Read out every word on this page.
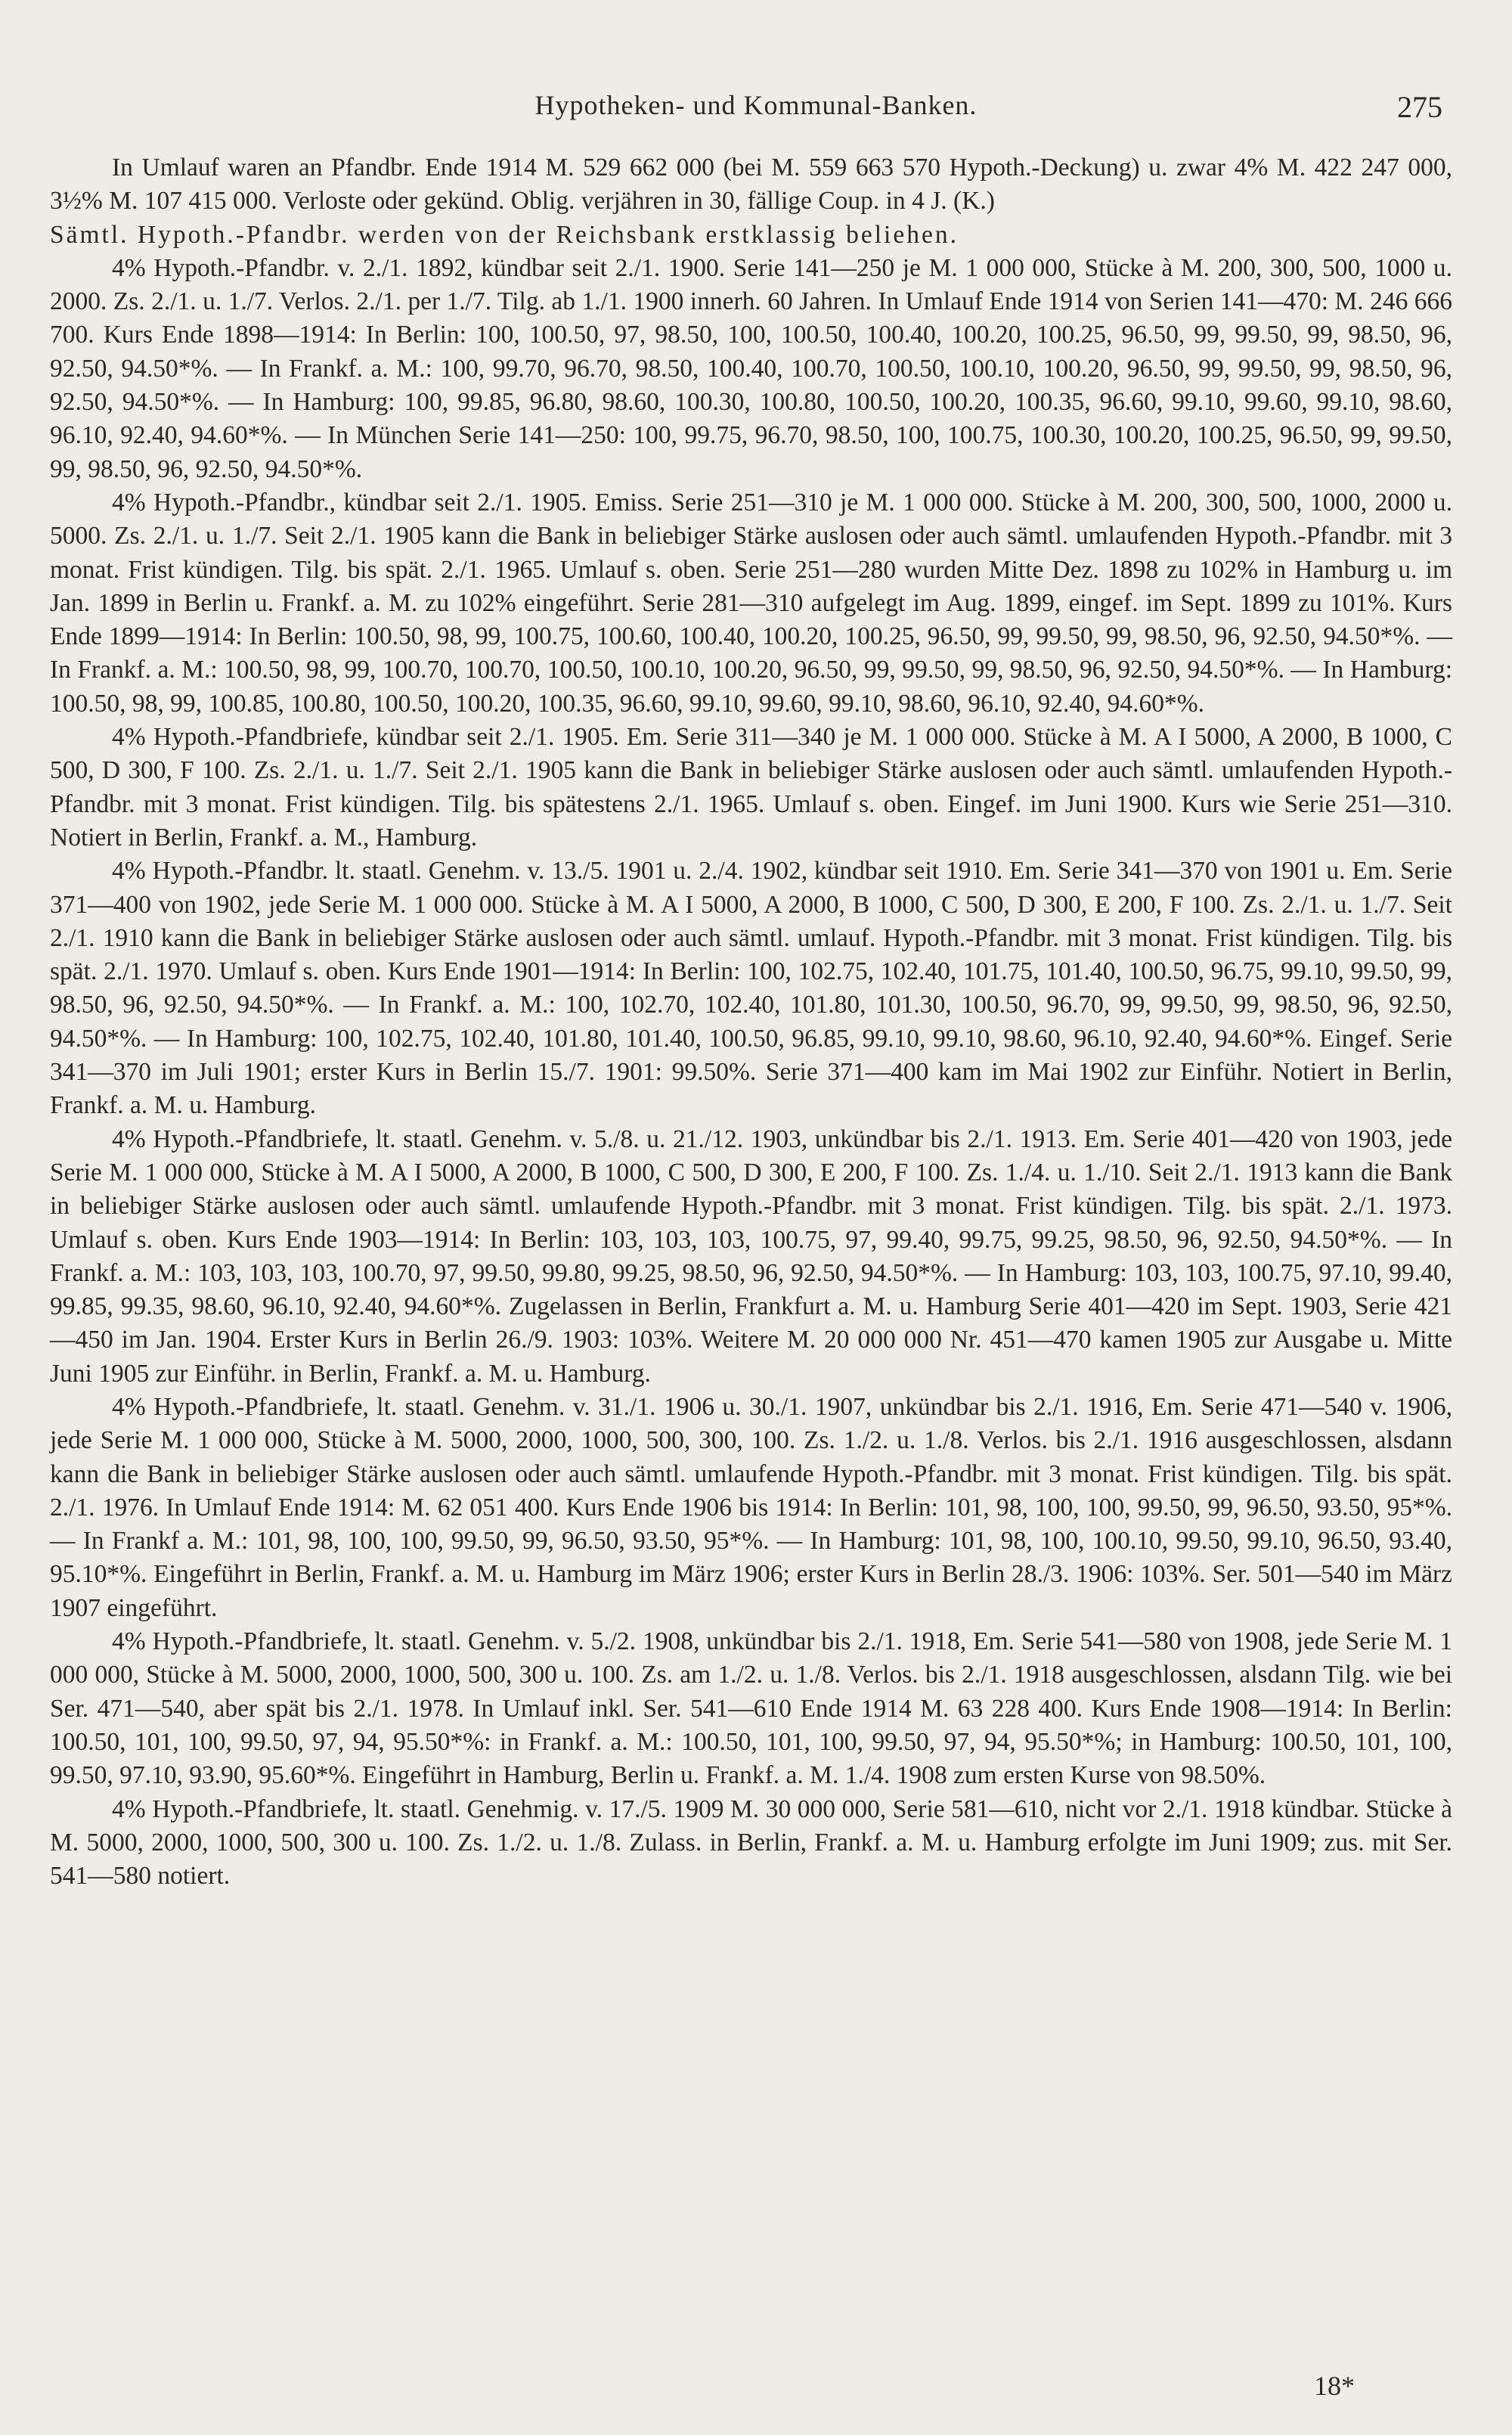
Hypotheken- und Kommunal-Banken.	275

In Umlauf waren an Pfandbr. Ende 1914 M. 529 662 000 (bei M. 559 663 570 Hypoth.-Deckung) u. zwar 4% M. 422 247 000, 3½% M. 107 415 000. Verloste oder gekünd. Oblig. verjähren in 30, fällige Coup. in 4 J. (K.)

Sämtl. Hypoth.-Pfandbr. werden von der Reichsbank erstklassig beliehen.

4% Hypoth.-Pfandbr. v. 2./1. 1892, kündbar seit 2./1. 1900. Serie 141—250 je M. 1 000 000, Stücke à M. 200, 300, 500, 1000 u. 2000. Zs. 2./1. u. 1./7. Verlos. 2./1. per 1./7. Tilg. ab 1./1. 1900 innerh. 60 Jahren. In Umlauf Ende 1914 von Serien 141—470: M. 246 666 700. Kurs Ende 1898—1914: In Berlin: 100, 100.50, 97, 98.50, 100, 100.50, 100.40, 100.20, 100.25, 96.50, 99, 99.50, 99, 98.50, 96, 92.50, 94.50*%. — In Frankf. a. M.: 100, 99.70, 96.70, 98.50, 100.40, 100.70, 100.50, 100.10, 100.20, 96.50, 99, 99.50, 99, 98.50, 96, 92.50, 94.50*%. — In Hamburg: 100, 99.85, 96.80, 98.60, 100.30, 100.80, 100.50, 100.20, 100.35, 96.60, 99.10, 99.60, 99.10, 98.60, 96.10, 92.40, 94.60*%. — In München Serie 141—250: 100, 99.75, 96.70, 98.50, 100, 100.75, 100.30, 100.20, 100.25, 96.50, 99, 99.50, 99, 98.50, 96, 92.50, 94.50*%.

4% Hypoth.-Pfandbr., kündbar seit 2./1. 1905. Emiss. Serie 251—310 je M. 1 000 000. Stücke à M. 200, 300, 500, 1000, 2000 u. 5000. Zs. 2./1. u. 1./7. Seit 2./1. 1905 kann die Bank in beliebiger Stärke auslosen oder auch sämtl. umlaufenden Hypoth.-Pfandbr. mit 3 monat. Frist kündigen. Tilg. bis spät. 2./1. 1965. Umlauf s. oben. Serie 251—280 wurden Mitte Dez. 1898 zu 102% in Hamburg u. im Jan. 1899 in Berlin u. Frankf. a. M. zu 102% eingeführt. Serie 281—310 aufgelegt im Aug. 1899, eingef. im Sept. 1899 zu 101%. Kurs Ende 1899—1914: In Berlin: 100.50, 98, 99, 100.75, 100.60, 100.40, 100.20, 100.25, 96.50, 99, 99.50, 99, 98.50, 96, 92.50, 94.50*%. — In Frankf. a. M.: 100.50, 98, 99, 100.70, 100.70, 100.50, 100.10, 100.20, 96.50, 99, 99.50, 99, 98.50, 96, 92.50, 94.50*%. — In Hamburg: 100.50, 98, 99, 100.85, 100.80, 100.50, 100.20, 100.35, 96.60, 99.10, 99.60, 99.10, 98.60, 96.10, 92.40, 94.60*%.

4% Hypoth.-Pfandbriefe, kündbar seit 2./1. 1905. Em. Serie 311—340 je M. 1 000 000. Stücke à M. A I 5000, A 2000, B 1000, C 500, D 300, F 100. Zs. 2./1. u. 1./7. Seit 2./1. 1905 kann die Bank in beliebiger Stärke auslosen oder auch sämtl. umlaufenden Hypoth.-Pfandbr. mit 3 monat. Frist kündigen. Tilg. bis spätestens 2./1. 1965. Umlauf s. oben. Eingef. im Juni 1900. Kurs wie Serie 251—310. Notiert in Berlin, Frankf. a. M., Hamburg.

4% Hypoth.-Pfandbr. lt. staatl. Genehm. v. 13./5. 1901 u. 2./4. 1902, kündbar seit 1910. Em. Serie 341—370 von 1901 u. Em. Serie 371—400 von 1902, jede Serie M. 1 000 000. Stücke à M. A I 5000, A 2000, B 1000, C 500, D 300, E 200, F 100. Zs. 2./1. u. 1./7. Seit 2./1. 1910 kann die Bank in beliebiger Stärke auslosen oder auch sämtl. umlauf. Hypoth.-Pfandbr. mit 3 monat. Frist kündigen. Tilg. bis spät. 2./1. 1970. Umlauf s. oben. Kurs Ende 1901—1914: In Berlin: 100, 102.75, 102.40, 101.75, 101.40, 100.50, 96.75, 99.10, 99.50, 99, 98.50, 96, 92.50, 94.50*%. — In Frankf. a. M.: 100, 102.70, 102.40, 101.80, 101.30, 100.50, 96.70, 99, 99.50, 99, 98.50, 96, 92.50, 94.50*%. — In Hamburg: 100, 102.75, 102.40, 101.80, 101.40, 100.50, 96.85, 99.10, 99.10, 98.60, 96.10, 92.40, 94.60*%. Eingef. Serie 341—370 im Juli 1901; erster Kurs in Berlin 15./7. 1901: 99.50%. Serie 371—400 kam im Mai 1902 zur Einführ. Notiert in Berlin, Frankf. a. M. u. Hamburg.

4% Hypoth.-Pfandbriefe, lt. staatl. Genehm. v. 5./8. u. 21./12. 1903, unkündbar bis 2./1. 1913. Em. Serie 401—420 von 1903, jede Serie M. 1 000 000, Stücke à M. A I 5000, A 2000, B 1000, C 500, D 300, E 200, F 100. Zs. 1./4. u. 1./10. Seit 2./1. 1913 kann die Bank in beliebiger Stärke auslosen oder auch sämtl. umlaufende Hypoth.-Pfandbr. mit 3 monat. Frist kündigen. Tilg. bis spät. 2./1. 1973. Umlauf s. oben. Kurs Ende 1903—1914: In Berlin: 103, 103, 103, 100.75, 97, 99.40, 99.75, 99.25, 98.50, 96, 92.50, 94.50*%. — In Frankf. a. M.: 103, 103, 103, 100.70, 97, 99.50, 99.80, 99.25, 98.50, 96, 92.50, 94.50*%. — In Hamburg: 103, 103, 100.75, 97.10, 99.40, 99.85, 99.35, 98.60, 96.10, 92.40, 94.60*%. Zugelassen in Berlin, Frankfurt a. M. u. Hamburg Serie 401—420 im Sept. 1903, Serie 421—450 im Jan. 1904. Erster Kurs in Berlin 26./9. 1903: 103%. Weitere M. 20 000 000 Nr. 451—470 kamen 1905 zur Ausgabe u. Mitte Juni 1905 zur Einführ. in Berlin, Frankf. a. M. u. Hamburg.

4% Hypoth.-Pfandbriefe, lt. staatl. Genehm. v. 31./1. 1906 u. 30./1. 1907, unkündbar bis 2./1. 1916, Em. Serie 471—540 v. 1906, jede Serie M. 1 000 000, Stücke à M. 5000, 2000, 1000, 500, 300, 100. Zs. 1./2. u. 1./8. Verlos. bis 2./1. 1916 ausgeschlossen, alsdann kann die Bank in beliebiger Stärke auslosen oder auch sämtl. umlaufende Hypoth.-Pfandbr. mit 3 monat. Frist kündigen. Tilg. bis spät. 2./1. 1976. In Umlauf Ende 1914: M. 62 051 400. Kurs Ende 1906 bis 1914: In Berlin: 101, 98, 100, 100, 99.50, 99, 96.50, 93.50, 95*%. — In Frankf a. M.: 101, 98, 100, 100, 99.50, 99, 96.50, 93.50, 95*%. — In Hamburg: 101, 98, 100, 100.10, 99.50, 99.10, 96.50, 93.40, 95.10*%. Eingeführt in Berlin, Frankf. a. M. u. Hamburg im März 1906; erster Kurs in Berlin 28./3. 1906: 103%. Ser. 501—540 im März 1907 eingeführt.

4% Hypoth.-Pfandbriefe, lt. staatl. Genehm. v. 5./2. 1908, unkündbar bis 2./1. 1918, Em. Serie 541—580 von 1908, jede Serie M. 1 000 000, Stücke à M. 5000, 2000, 1000, 500, 300 u. 100. Zs. am 1./2. u. 1./8. Verlos. bis 2./1. 1918 ausgeschlossen, alsdann Tilg. wie bei Ser. 471—540, aber spät bis 2./1. 1978. In Umlauf inkl. Ser. 541—610 Ende 1914 M. 63 228 400. Kurs Ende 1908—1914: In Berlin: 100.50, 101, 100, 99.50, 97, 94, 95.50*%: in Frankf. a. M.: 100.50, 101, 100, 99.50, 97, 94, 95.50*%; in Hamburg: 100.50, 101, 100, 99.50, 97.10, 93.90, 95.60*%. Eingeführt in Hamburg, Berlin u. Frankf. a. M. 1./4. 1908 zum ersten Kurse von 98.50%.

4% Hypoth.-Pfandbriefe, lt. staatl. Genehmig. v. 17./5. 1909 M. 30 000 000, Serie 581—610, nicht vor 2./1. 1918 kündbar. Stücke à M. 5000, 2000, 1000, 500, 300 u. 100. Zs. 1./2. u. 1./8. Zulass. in Berlin, Frankf. a. M. u. Hamburg erfolgte im Juni 1909; zus. mit Ser. 541—580 notiert.

18*
